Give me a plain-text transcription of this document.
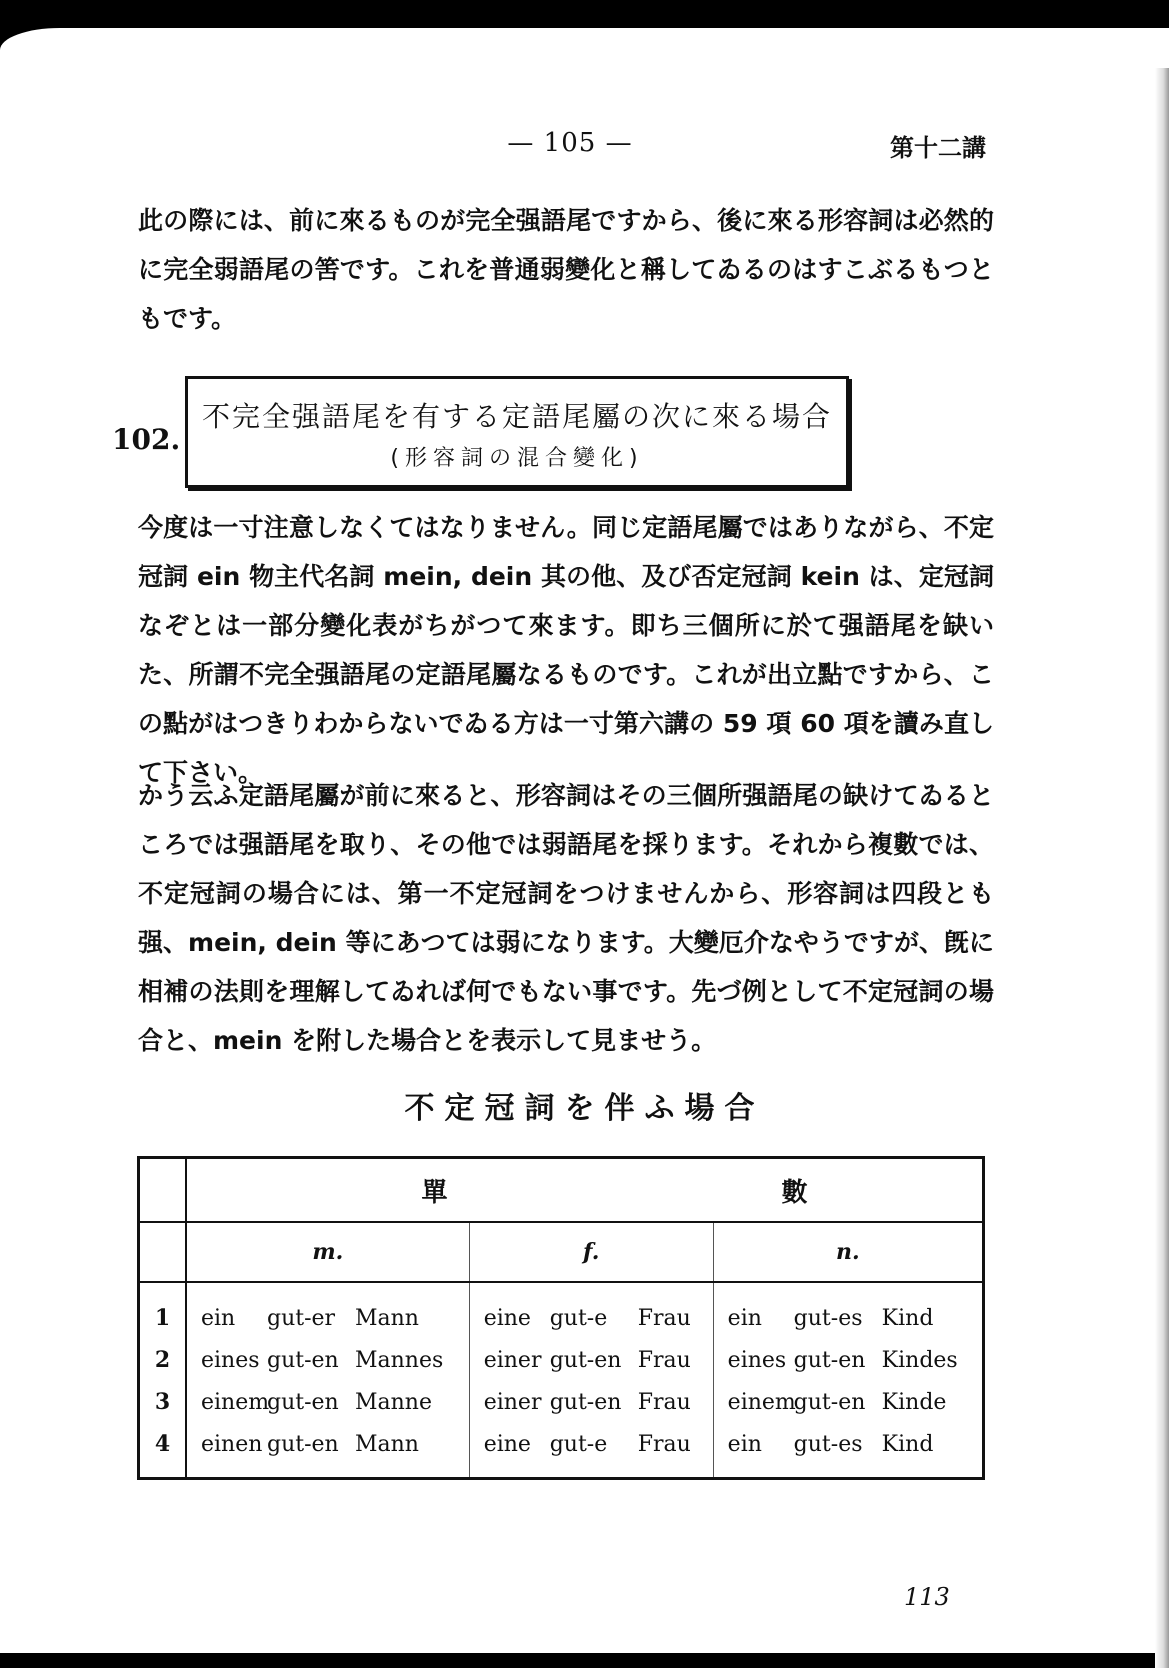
— 105 —	第十二講
此の際には、前に來るものが完全强語尾ですから、後に來る形容詞は必然的に完全弱語尾の筈です。これを普通弱變化と稱してゐるのはすこぶるもつともです。
102.
不完全强語尾を有する定語尾屬の次に來る場合
(形容詞の混合變化)
今度は一寸注意しなくてはなりません。同じ定語尾屬ではありながら、不定冠詞 ein 物主代名詞 mein, dein 其の他、及び否定冠詞 kein は、定冠詞なぞとは一部分變化表がちがつて來ます。即ち三個所に於て强語尾を缺いた、所謂不完全强語尾の定語尾屬なるものです。これが出立點ですから、この點がはつきりわからないでゐる方は一寸第六講の 59 項 60 項を讀み直して下さい。
かう云ふ定語尾屬が前に來ると、形容詞はその三個所强語尾の缺けてゐるところでは强語尾を取り、その他では弱語尾を採ります。それから複數では、不定冠詞の場合には、第一不定冠詞をつけませんから、形容詞は四段とも强、mein, dein 等にあつては弱になります。大變厄介なやうですが、旣に相補の法則を理解してゐれば何でもない事です。先づ例として不定冠詞の場合と、mein を附した場合とを表示して見ませう。
不定冠詞を伴ふ場合
	單 數		
	m.	f.	n.
1	ein gut-er Mann	eine gut-e Frau	ein gut-es Kind
2	eines gut-en Mannes	einer gut-en Frau	eines gut-en Kindes
3	einemgut-en Manne	einer gut-en Frau	einemgut-en Kinde
4	einen gut-en Mann	eine gut-e Frau	ein gut-es Kind
113
